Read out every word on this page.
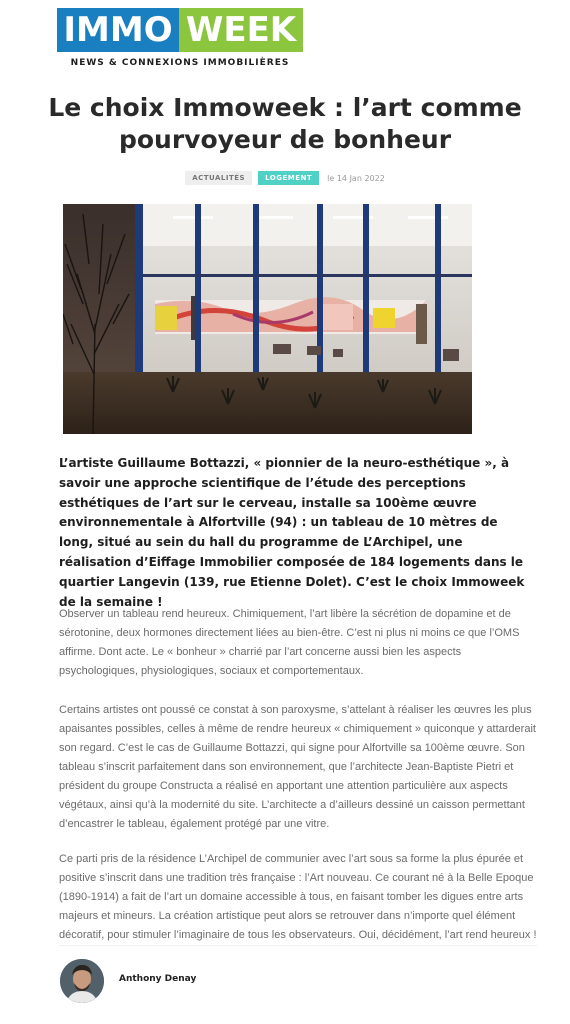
IMMO WEEK
NEWS & CONNEXIONS IMMOBILIÈRES
Le choix Immoweek : l’art comme pourvoyeur de bonheur
ACTUALITÉS	LOGEMENT	le 14 Jan 2022

L’artiste Guillaume Bottazzi, « pionnier de la neuro-esthétique », à savoir une approche scientifique de l’étude des perceptions esthétiques de l’art sur le cerveau, installe sa 100ème œuvre environnementale à Alfortville (94) : un tableau de 10 mètres de long, situé au sein du hall du programme de L’Archipel, une réalisation d’Eiffage Immobilier composée de 184 logements dans le quartier Langevin (139, rue Etienne Dolet). C’est le choix Immoweek de la semaine !

Observer un tableau rend heureux. Chimiquement, l’art libère la sécrétion de dopamine et de sérotonine, deux hormones directement liées au bien-être. C’est ni plus ni moins ce que l’OMS affirme. Dont acte. Le « bonheur » charrié par l’art concerne aussi bien les aspects psychologiques, physiologiques, sociaux et comportementaux.

Certains artistes ont poussé ce constat à son paroxysme, s’attelant à réaliser les œuvres les plus apaisantes possibles, celles à même de rendre heureux « chimiquement » quiconque y attarderait son regard. C’est le cas de Guillaume Bottazzi, qui signe pour Alfortville sa 100ème œuvre. Son tableau s’inscrit parfaitement dans son environnement, que l’architecte Jean-Baptiste Pietri et président du groupe Constructa a réalisé en apportant une attention particulière aux aspects végétaux, ainsi qu’à la modernité du site. L’architecte a d’ailleurs dessiné un caisson permettant d’encastrer le tableau, également protégé par une vitre.

Ce parti pris de la résidence L’Archipel de communier avec l’art sous sa forme la plus épurée et positive s’inscrit dans une tradition très française : l’Art nouveau. Ce courant né à la Belle Epoque (1890-1914) a fait de l’art un domaine accessible à tous, en faisant tomber les digues entre arts majeurs et mineurs. La création artistique peut alors se retrouver dans n’importe quel élément décoratif, pour stimuler l’imaginaire de tous les observateurs. Oui, décidément, l’art rend heureux !

Anthony Denay
